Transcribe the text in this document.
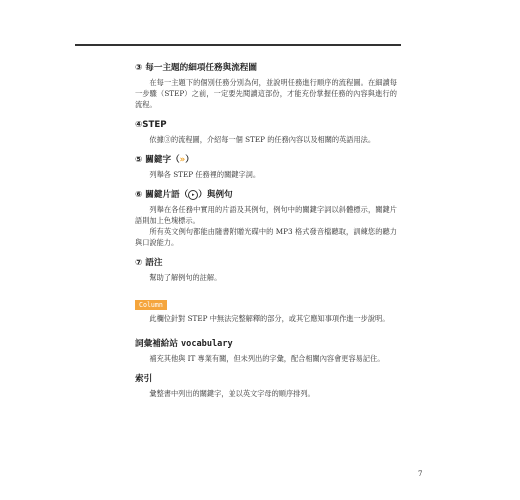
③ 每一主題的細項任務與流程圖
在每一主題下的個別任務分別為何，並說明任務進行順序的流程圖。在細讀每一步驟（STEP）之前，一定要先閱讀這部份，才能充份掌握任務的內容與進行的流程。
④STEP
依據③的流程圖，介紹每一個 STEP 的任務內容以及相關的英語用法。
⑤ 關鍵字（»）
列舉各 STEP 任務裡的關鍵字詞。
⑥ 關鍵片語（ ▸ ）與例句
列舉在各任務中實用的片語及其例句，例句中的關鍵字詞以斜體標示，關鍵片語則加上色塊標示。
所有英文例句都能由隨書附贈光碟中的 MP3 格式發音檔聽取，訓練您的聽力與口說能力。
⑦ 語注
幫助了解例句的註解。
Column
此欄位針對 STEP 中無法完整解釋的部分，或其它應知事項作進一步說明。
詞彙補給站 vocabulary
補充其他與 IT 專業有關，但未列出的字彙，配合相關內容會更容易記住。
索引
彙整書中列出的關鍵字，並以英文字母的順序排列。
7
